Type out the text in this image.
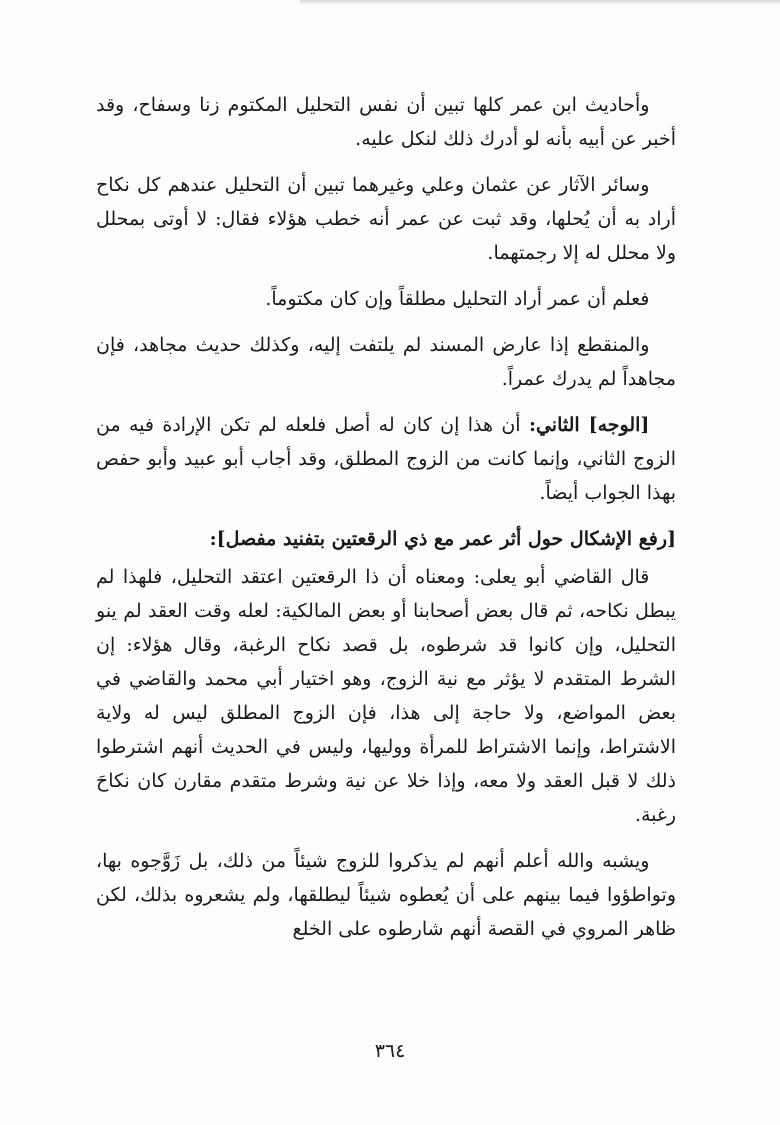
وأحاديث ابن عمر كلها تبين أن نفس التحليل المكتوم زنا وسفاح، وقد أخبر عن أبيه بأنه لو أدرك ذلك لنكل عليه.

وسائر الآثار عن عثمان وعلي وغيرهما تبين أن التحليل عندهم كل نكاح أراد به أن يُحلها، وقد ثبت عن عمر أنه خطب هؤلاء فقال: لا أوتى بمحلل ولا محلل له إلا رجمتهما.

فعلم أن عمر أراد التحليل مطلقاً وإن كان مكتوماً.

والمنقطع إذا عارض المسند لم يلتفت إليه، وكذلك حديث مجاهد، فإن مجاهداً لم يدرك عمراً.

[الوجه] الثاني: أن هذا إن كان له أصل فلعله لم تكن الإرادة فيه من الزوج الثاني، وإنما كانت من الزوج المطلق، وقد أجاب أبو عبيد وأبو حفص بهذا الجواب أيضاً.

[رفع الإشكال حول أثر عمر مع ذي الرقعتين بتفنيد مفصل]:

قال القاضي أبو يعلى: ومعناه أن ذا الرقعتين اعتقد التحليل، فلهذا لم يبطل نكاحه، ثم قال بعض أصحابنا أو بعض المالكية: لعله وقت العقد لم ينو التحليل، وإن كانوا قد شرطوه، بل قصد نكاح الرغبة، وقال هؤلاء: إن الشرط المتقدم لا يؤثر مع نية الزوج، وهو اختيار أبي محمد والقاضي في بعض المواضع، ولا حاجة إلى هذا، فإن الزوج المطلق ليس له ولاية الاشتراط، وإنما الاشتراط للمرأة ووليها، وليس في الحديث أنهم اشترطوا ذلك لا قبل العقد ولا معه، وإذا خلا عن نية وشرط متقدم مقارن كان نكاحَ رغبة.

ويشبه والله أعلم أنهم لم يذكروا للزوج شيئاً من ذلك، بل زَوَّجوه بها، وتواطؤوا فيما بينهم على أن يُعطوه شيئاً ليطلقها، ولم يشعروه بذلك، لكن ظاهر المروي في القصة أنهم شارطوه على الخلع

٣٦٤
